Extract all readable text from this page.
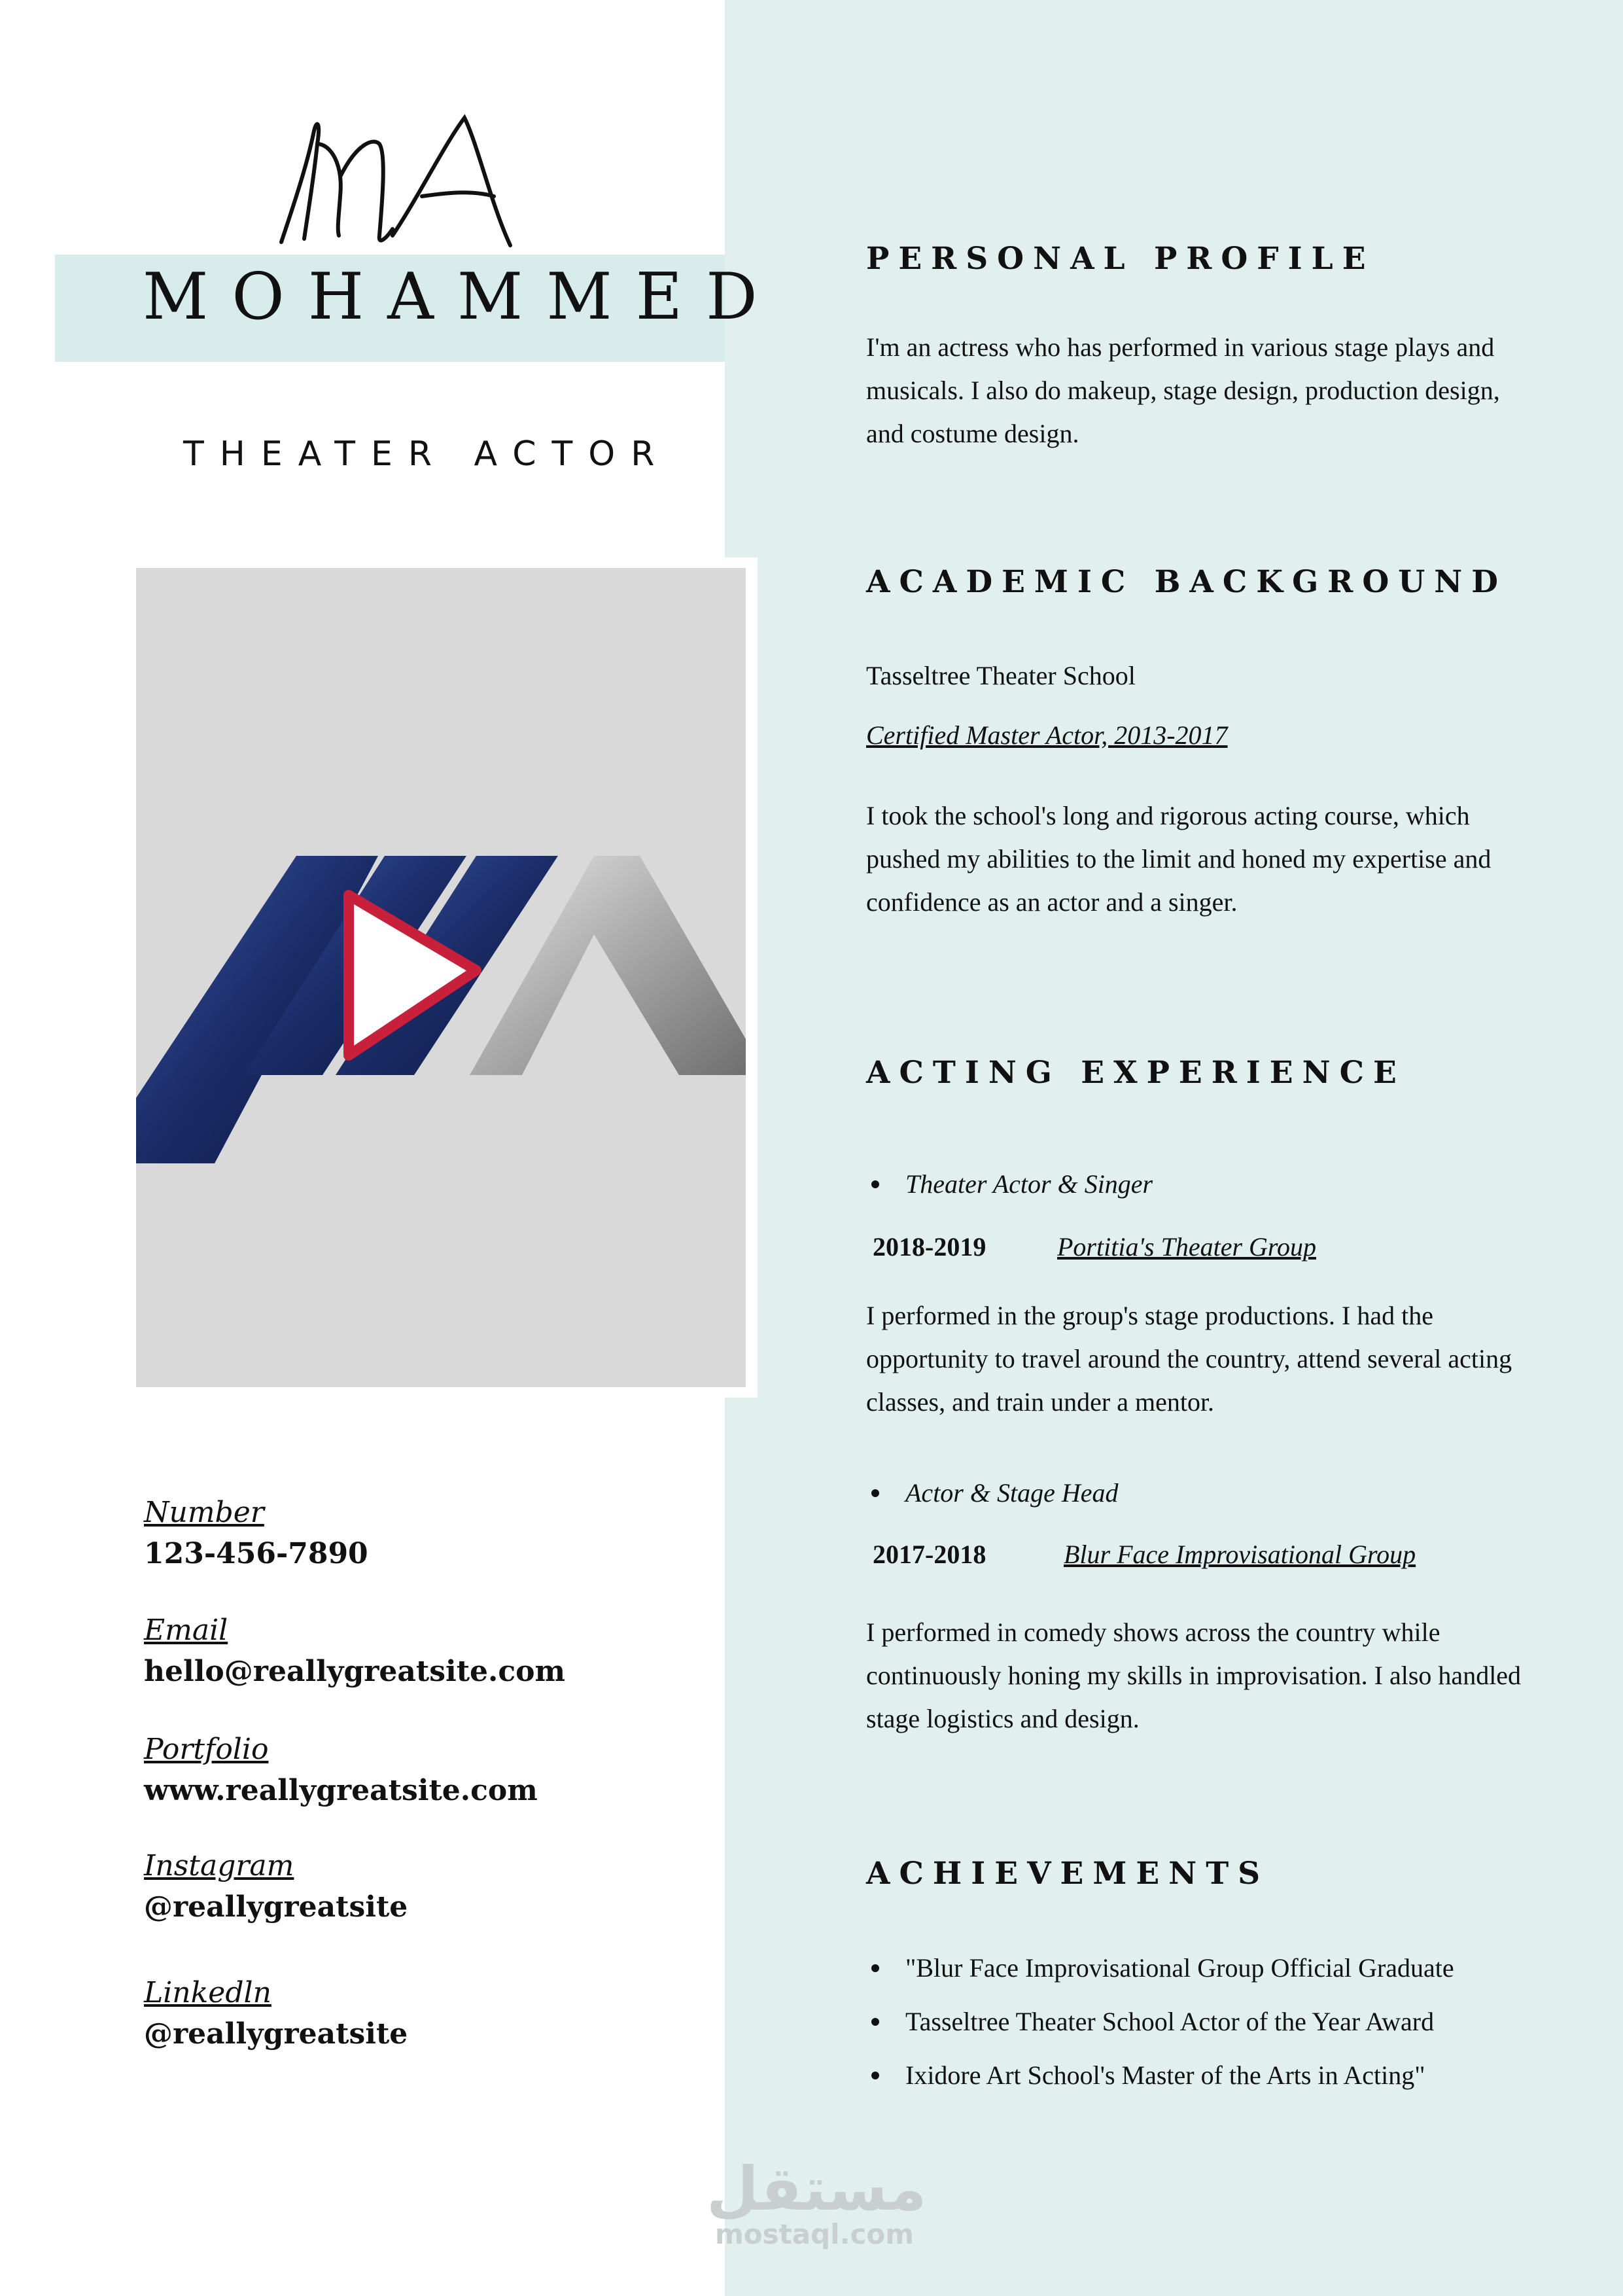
MOHAMMED
THEATER ACTOR
Number
123-456-7890
Email
hello@reallygreatsite.com
Portfolio
www.reallygreatsite.com
Instagram
@reallygreatsite
Linkedln
@reallygreatsite
PERSONAL PROFILE
I'm an actress who has performed in various stage plays and musicals. I also do makeup, stage design, production design, and costume design.
ACADEMIC BACKGROUND
Tasseltree Theater School
Certified Master Actor, 2013-2017
I took the school's long and rigorous acting course, which pushed my abilities to the limit and honed my expertise and confidence as an actor and a singer.
ACTING EXPERIENCE
Theater Actor & Singer
2018-2019	Portitia's Theater Group
I performed in the group's stage productions. I had the opportunity to travel around the country, attend several acting classes, and train under a mentor.
Actor & Stage Head
2017-2018	Blur Face Improvisational Group
I performed in comedy shows across the country while continuously honing my skills in improvisation. I also handled stage logistics and design.
ACHIEVEMENTS
"Blur Face Improvisational Group Official Graduate
Tasseltree Theater School Actor of the Year Award
Ixidore Art School's Master of the Arts in Acting"
مستقل
mostaql.com
